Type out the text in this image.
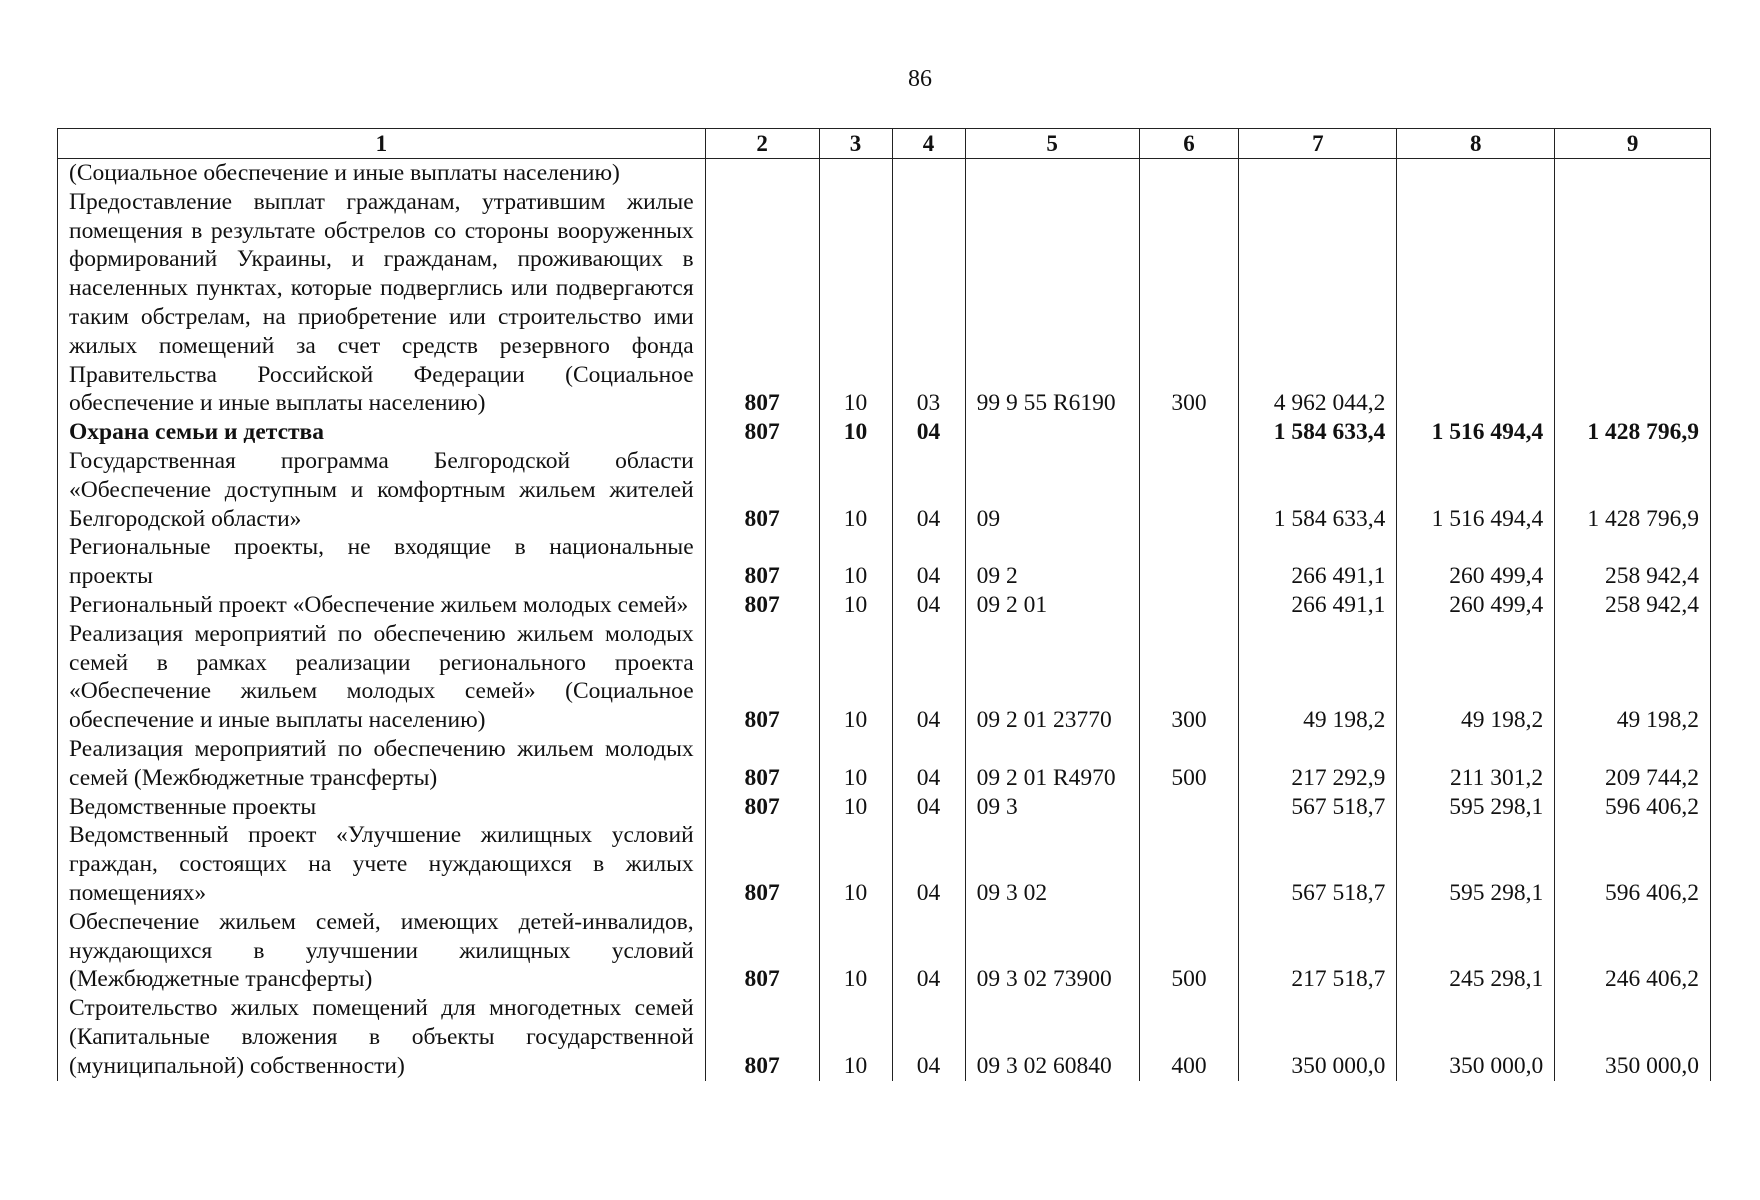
86
1	2	3	4	5	6	7	8	9
(Социальное обеспечение и иные выплаты населению)								
Предоставление выплат гражданам, утратившим жилые помещения в результате обстрелов со стороны вооруженных формирований Украины, и гражданам, проживающих в населенных пунктах, которые подверглись или подвергаются таким обстрелам, на приобретение или строительство ими жилых помещений за счет средств резервного фонда Правительства Российской Федерации (Социальное обеспечение и иные выплаты населению)	807	10	03	99 9 55 R6190	300	4 962 044,2		
Охрана семьи и детства	807	10	04			1 584 633,4	1 516 494,4	1 428 796,9
Государственная программа Белгородской области «Обеспечение доступным и комфортным жильем жителей Белгородской области»	807	10	04	09		1 584 633,4	1 516 494,4	1 428 796,9
Региональные проекты, не входящие в национальные проекты	807	10	04	09 2		266 491,1	260 499,4	258 942,4
Региональный проект «Обеспечение жильем молодых семей»	807	10	04	09 2 01		266 491,1	260 499,4	258 942,4
Реализация мероприятий по обеспечению жильем молодых семей в рамках реализации регионального проекта «Обеспечение жильем молодых семей» (Социальное обеспечение и иные выплаты населению)	807	10	04	09 2 01 23770	300	49 198,2	49 198,2	49 198,2
Реализация мероприятий по обеспечению жильем молодых семей (Межбюджетные трансферты)	807	10	04	09 2 01 R4970	500	217 292,9	211 301,2	209 744,2
Ведомственные проекты	807	10	04	09 3		567 518,7	595 298,1	596 406,2
Ведомственный проект «Улучшение жилищных условий граждан, состоящих на учете нуждающихся в жилых помещениях»	807	10	04	09 3 02		567 518,7	595 298,1	596 406,2
Обеспечение жильем семей, имеющих детей-инвалидов, нуждающихся в улучшении жилищных условий (Межбюджетные трансферты)	807	10	04	09 3 02 73900	500	217 518,7	245 298,1	246 406,2
Строительство жилых помещений для многодетных семей (Капитальные вложения в объекты государственной (муниципальной) собственности)	807	10	04	09 3 02 60840	400	350 000,0	350 000,0	350 000,0
